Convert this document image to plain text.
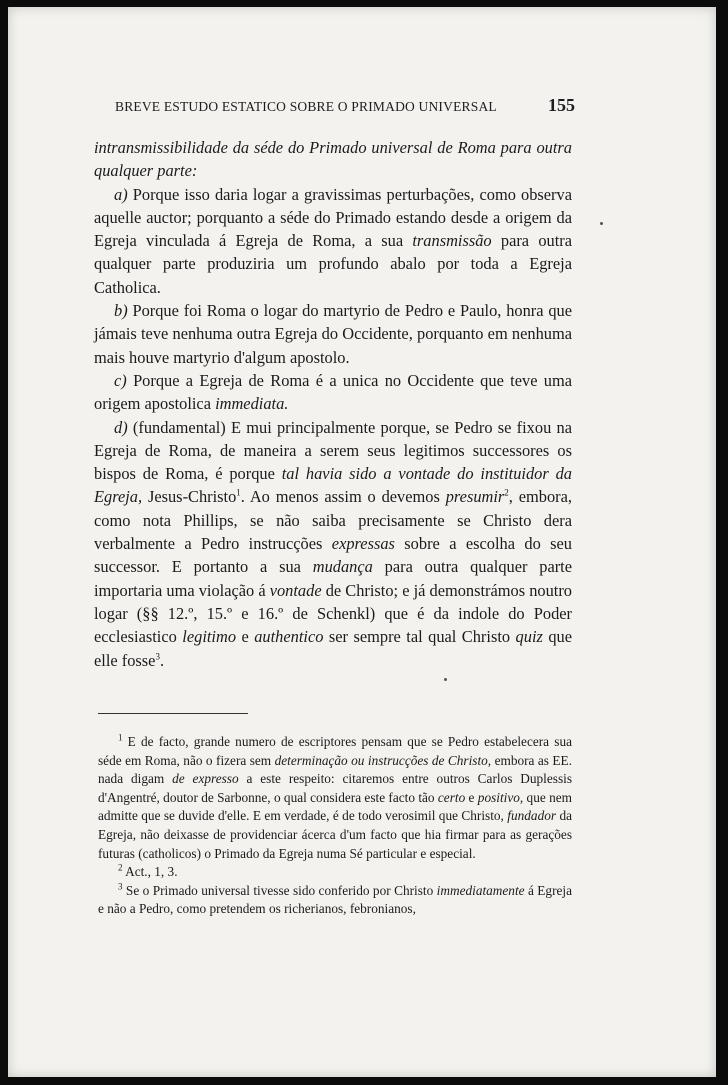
BREVE ESTUDO ESTATICO SOBRE O PRIMADO UNIVERSAL	155

intransmissibilidade da séde do Primado universal de Roma para outra qualquer parte:

a) Porque isso daria logar a gravissimas perturbações, como observa aquelle auctor; porquanto a séde do Primado estando desde a origem da Egreja vinculada á Egreja de Roma, a sua transmissão para outra qualquer parte produziria um profundo abalo por toda a Egreja Catholica.

b) Porque foi Roma o logar do martyrio de Pedro e Paulo, honra que jámais teve nenhuma outra Egreja do Occidente, porquanto em nenhuma mais houve martyrio d'algum apostolo.

c) Porque a Egreja de Roma é a unica no Occidente que teve uma origem apostolica immediata.

d) (fundamental) E mui principalmente porque, se Pedro se fixou na Egreja de Roma, de maneira a serem seus legitimos successores os bispos de Roma, é porque tal havia sido a vontade do instituidor da Egreja, Jesus-Christo$^1$. Ao menos assim o devemos presumir$^2$, embora, como nota Phillips, se não saiba precisamente se Christo dera verbalmente a Pedro instrucções expressas sobre a escolha do seu successor. E portanto a sua mudança para outra qualquer parte importaria uma violação á vontade de Christo; e já demonstrámos noutro logar (§§ 12.º, 15.º e 16.º de Schenkl) que é da indole do Poder ecclesiastico legitimo e authentico ser sempre tal qual Christo quiz que elle fosse$^3$.

$^1$ E de facto, grande numero de escriptores pensam que se Pedro estabelecera sua séde em Roma, não o fizera sem determinação ou instrucções de Christo, embora as EE. nada digam de expresso a este respeito: citaremos entre outros Carlos Duplessis d'Angentré, doutor de Sarbonne, o qual considera este facto tão certo e positivo, que nem admitte que se duvide d'elle. E em verdade, é de todo verosimil que Christo, fundador da Egreja, não deixasse de providenciar ácerca d'um facto que hia firmar para as gerações futuras (catholicos) o Primado da Egreja numa Sé particular e especial.

$^2$ Act., 1, 3.

$^3$ Se o Primado universal tivesse sido conferido por Christo immediatamente á Egreja e não a Pedro, como pretendem os richerianos, febronianos,
